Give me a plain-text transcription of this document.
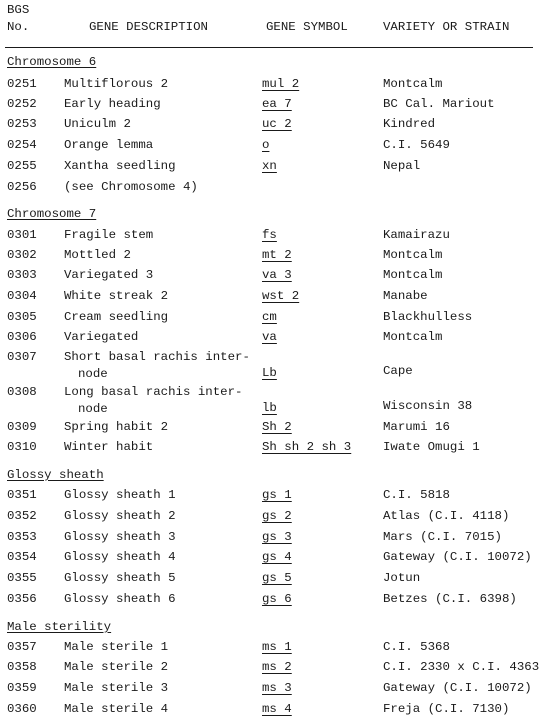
BGS
No.	GENE DESCRIPTION	GENE SYMBOL	VARIETY OR STRAIN
Chromosome 6
0251 Multiflorous 2	mul 2	Montcalm
0252 Early heading	ea 7	BC Cal. Mariout
0253 Uniculm 2	uc 2	Kindred
0254 Orange lemma	o	C.I. 5649
0255 Xantha seedling	xn	Nepal
0256 (see Chromosome 4)
Chromosome 7
0301 Fragile stem	fs	Kamairazu
0302 Mottled 2	mt 2	Montcalm
0303 Variegated 3	va 3	Montcalm
0304 White streak 2	wst 2	Manabe
0305 Cream seedling	cm	Blackhulless
0306 Variegated	va	Montcalm
0307 Short basal rachis inter-
node	Lb	Cape
0308 Long basal rachis inter-
node	lb	Wisconsin 38
0309 Spring habit 2	Sh 2	Marumi 16
0310 Winter habit	Sh sh 2 sh 3	Iwate Omugi 1
Glossy sheath
0351 Glossy sheath 1	gs 1	C.I. 5818
0352 Glossy sheath 2	gs 2	Atlas (C.I. 4118)
0353 Glossy sheath 3	gs 3	Mars (C.I. 7015)
0354 Glossy sheath 4	gs 4	Gateway (C.I. 10072)
0355 Glossy sheath 5	gs 5	Jotun
0356 Glossy sheath 6	gs 6	Betzes (C.I. 6398)
Male sterility
0357 Male sterile 1	ms 1	C.I. 5368
0358 Male sterile 2	ms 2	C.I. 2330 x C.I. 4363
0359 Male sterile 3	ms 3	Gateway (C.I. 10072)
0360 Male sterile 4	ms 4	Freja (C.I. 7130)
